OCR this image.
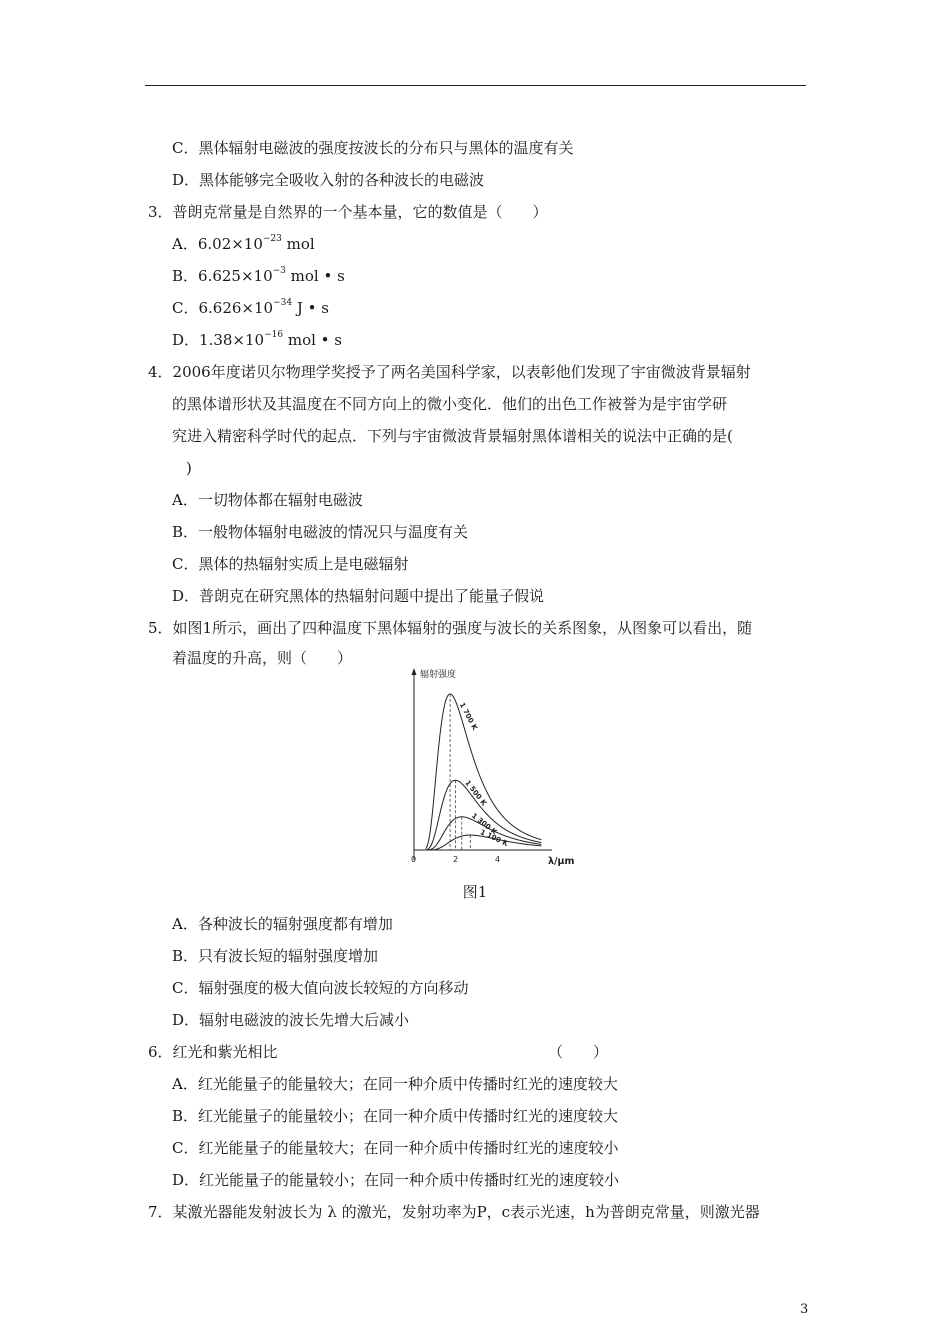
C．黑体辐射电磁波的强度按波长的分布只与黑体的温度有关
D．黑体能够完全吸收入射的各种波长的电磁波
3．普朗克常量是自然界的一个基本量，它的数值是（　　）
A．$6.02\times 10^{-23}$ mol
B．$6.625\times 10^{-3}$ mol • s
C．$6.626\times 10^{-34}$ J • s
D．$1.38\times 10^{-16}$ mol • s
4．2006年度诺贝尔物理学奖授予了两名美国科学家，以表彰他们发现了宇宙微波背景辐射
的黑体谱形状及其温度在不同方向上的微小变化．他们的出色工作被誉为是宇宙学研
究进入精密科学时代的起点．下列与宇宙微波背景辐射黑体谱相关的说法中正确的是(
)
A．一切物体都在辐射电磁波
B．一般物体辐射电磁波的情况只与温度有关
C．黑体的热辐射实质上是电磁辐射
D．普朗克在研究黑体的热辐射问题中提出了能量子假说
5．如图1所示，画出了四种温度下黑体辐射的强度与波长的关系图象，从图象可以看出，随
着温度的升高，则（　　）
辐射强度
λ/μm
0	2	4
1 700 K
1 500 K
1 300 K
1 100 K
图1
A．各种波长的辐射强度都有增加
B．只有波长短的辐射强度增加
C．辐射强度的极大值向波长较短的方向移动
D．辐射电磁波的波长先增大后减小
6．红光和紫光相比	（　　）
A．红光能量子的能量较大；在同一种介质中传播时红光的速度较大
B．红光能量子的能量较小；在同一种介质中传播时红光的速度较大
C．红光能量子的能量较大；在同一种介质中传播时红光的速度较小
D．红光能量子的能量较小；在同一种介质中传播时红光的速度较小
7．某激光器能发射波长为 λ 的激光，发射功率为P，c表示光速，h为普朗克常量，则激光器
3
